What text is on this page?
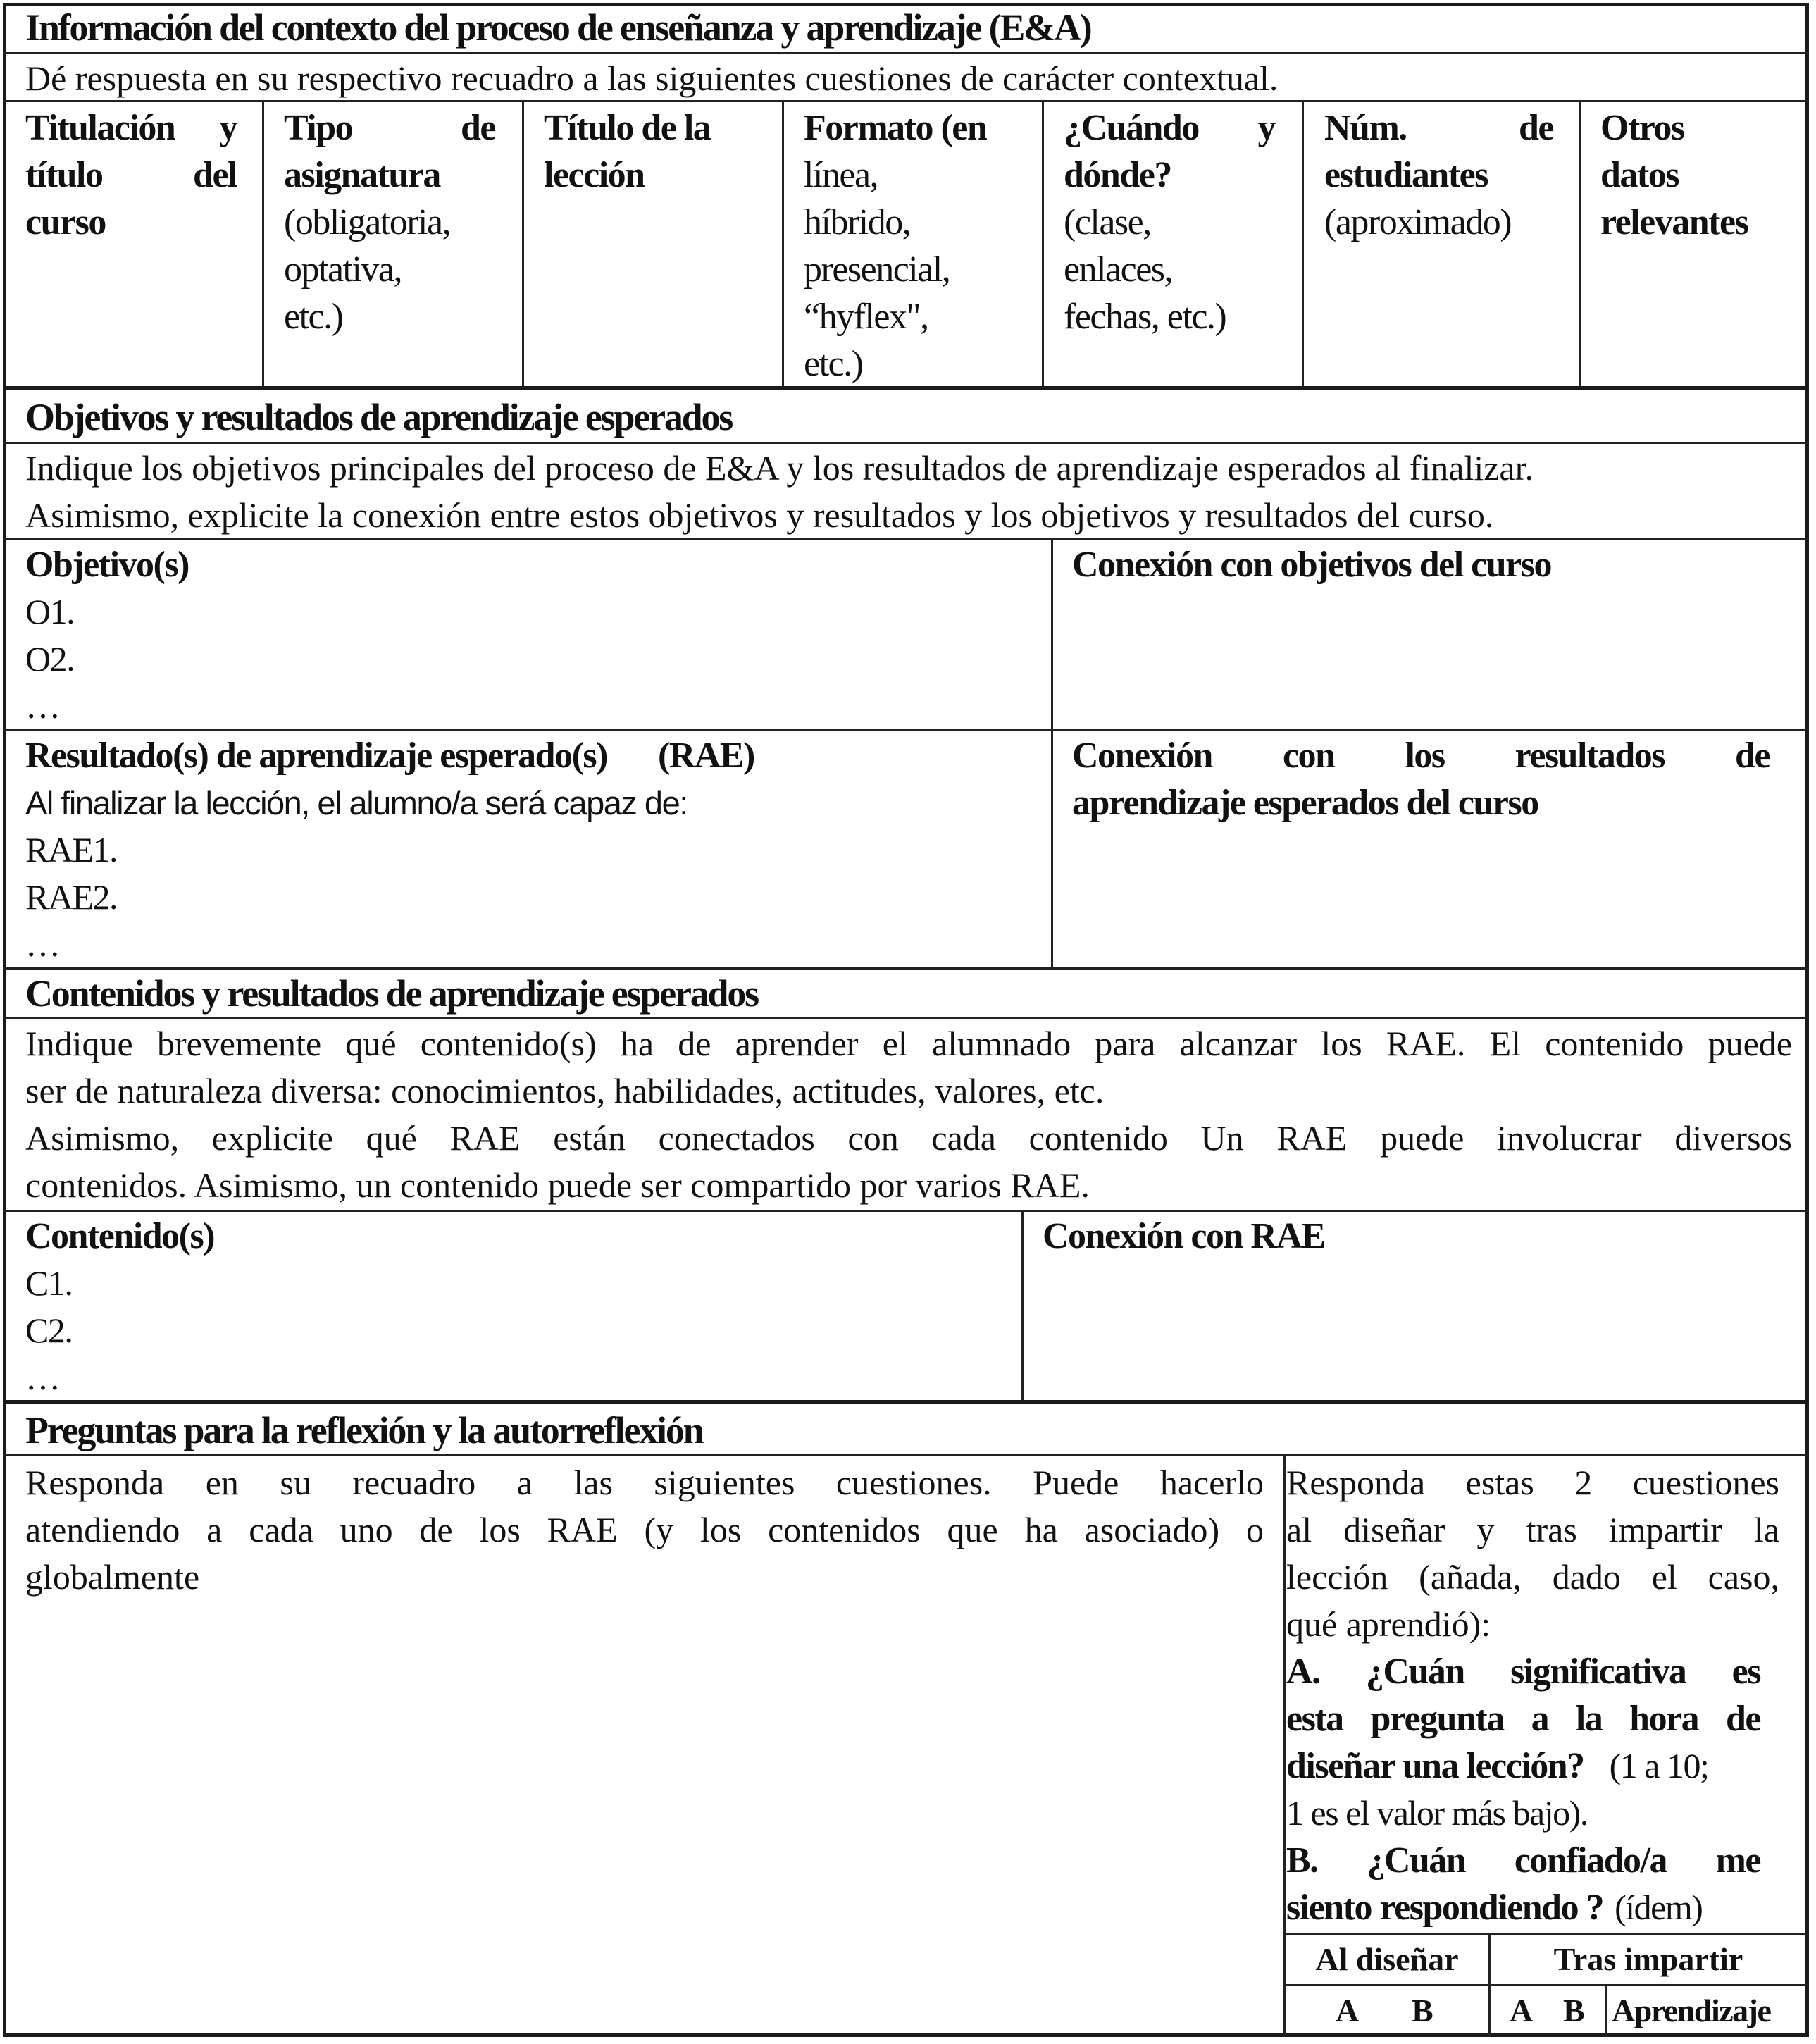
Información del contexto del proceso de enseñanza y aprendizaje (E&A)
Dé respuesta en su respectivo recuadro a las siguientes cuestiones de carácter contextual.
Titulación y
título del
curso
Tipo de
asignatura
(obligatoria,
optativa,
etc.)
Título de la
lección
Formato (en
línea,
híbrido,
presencial,
“hyflex",
etc.)
¿Cuándo y
dónde?
(clase,
enlaces,
fechas, etc.)
Núm. de
estudiantes
(aproximado)
Otros
datos
relevantes
Objetivos y resultados de aprendizaje esperados
Indique los objetivos principales del proceso de E&A y los resultados de aprendizaje esperados al finalizar.
Asimismo, explicite la conexión entre estos objetivos y resultados y los objetivos y resultados del curso.
Objetivo(s)
O1.
O2.
…
Conexión con objetivos del curso
Resultado(s) de aprendizaje esperado(s) (RAE)
Al finalizar la lección, el alumno/a será capaz de:
RAE1.
RAE2.
…
Conexión con los resultados de
aprendizaje esperados del curso
Contenidos y resultados de aprendizaje esperados
Indique brevemente qué contenido(s) ha de aprender el alumnado para alcanzar los RAE. El contenido puede
ser de naturaleza diversa: conocimientos, habilidades, actitudes, valores, etc.
Asimismo, explicite qué RAE están conectados con cada contenido Un RAE puede involucrar diversos
contenidos. Asimismo, un contenido puede ser compartido por varios RAE.
Contenido(s)
C1.
C2.
…
Conexión con RAE
Preguntas para la reflexión y la autorreflexión
Responda en su recuadro a las siguientes cuestiones. Puede hacerlo
atendiendo a cada uno de los RAE (y los contenidos que ha asociado) o
globalmente
Responda estas 2 cuestiones
al diseñar y tras impartir la
lección (añada, dado el caso,
qué aprendió):
A. ¿Cuán significativa es
esta pregunta a la hora de
diseñar una lección? (1 a 10;
1 es el valor más bajo).
B. ¿Cuán confiado/a me
siento respondiendo ? (ídem)
Al diseñar	Tras impartir
A B A B Aprendizaje
